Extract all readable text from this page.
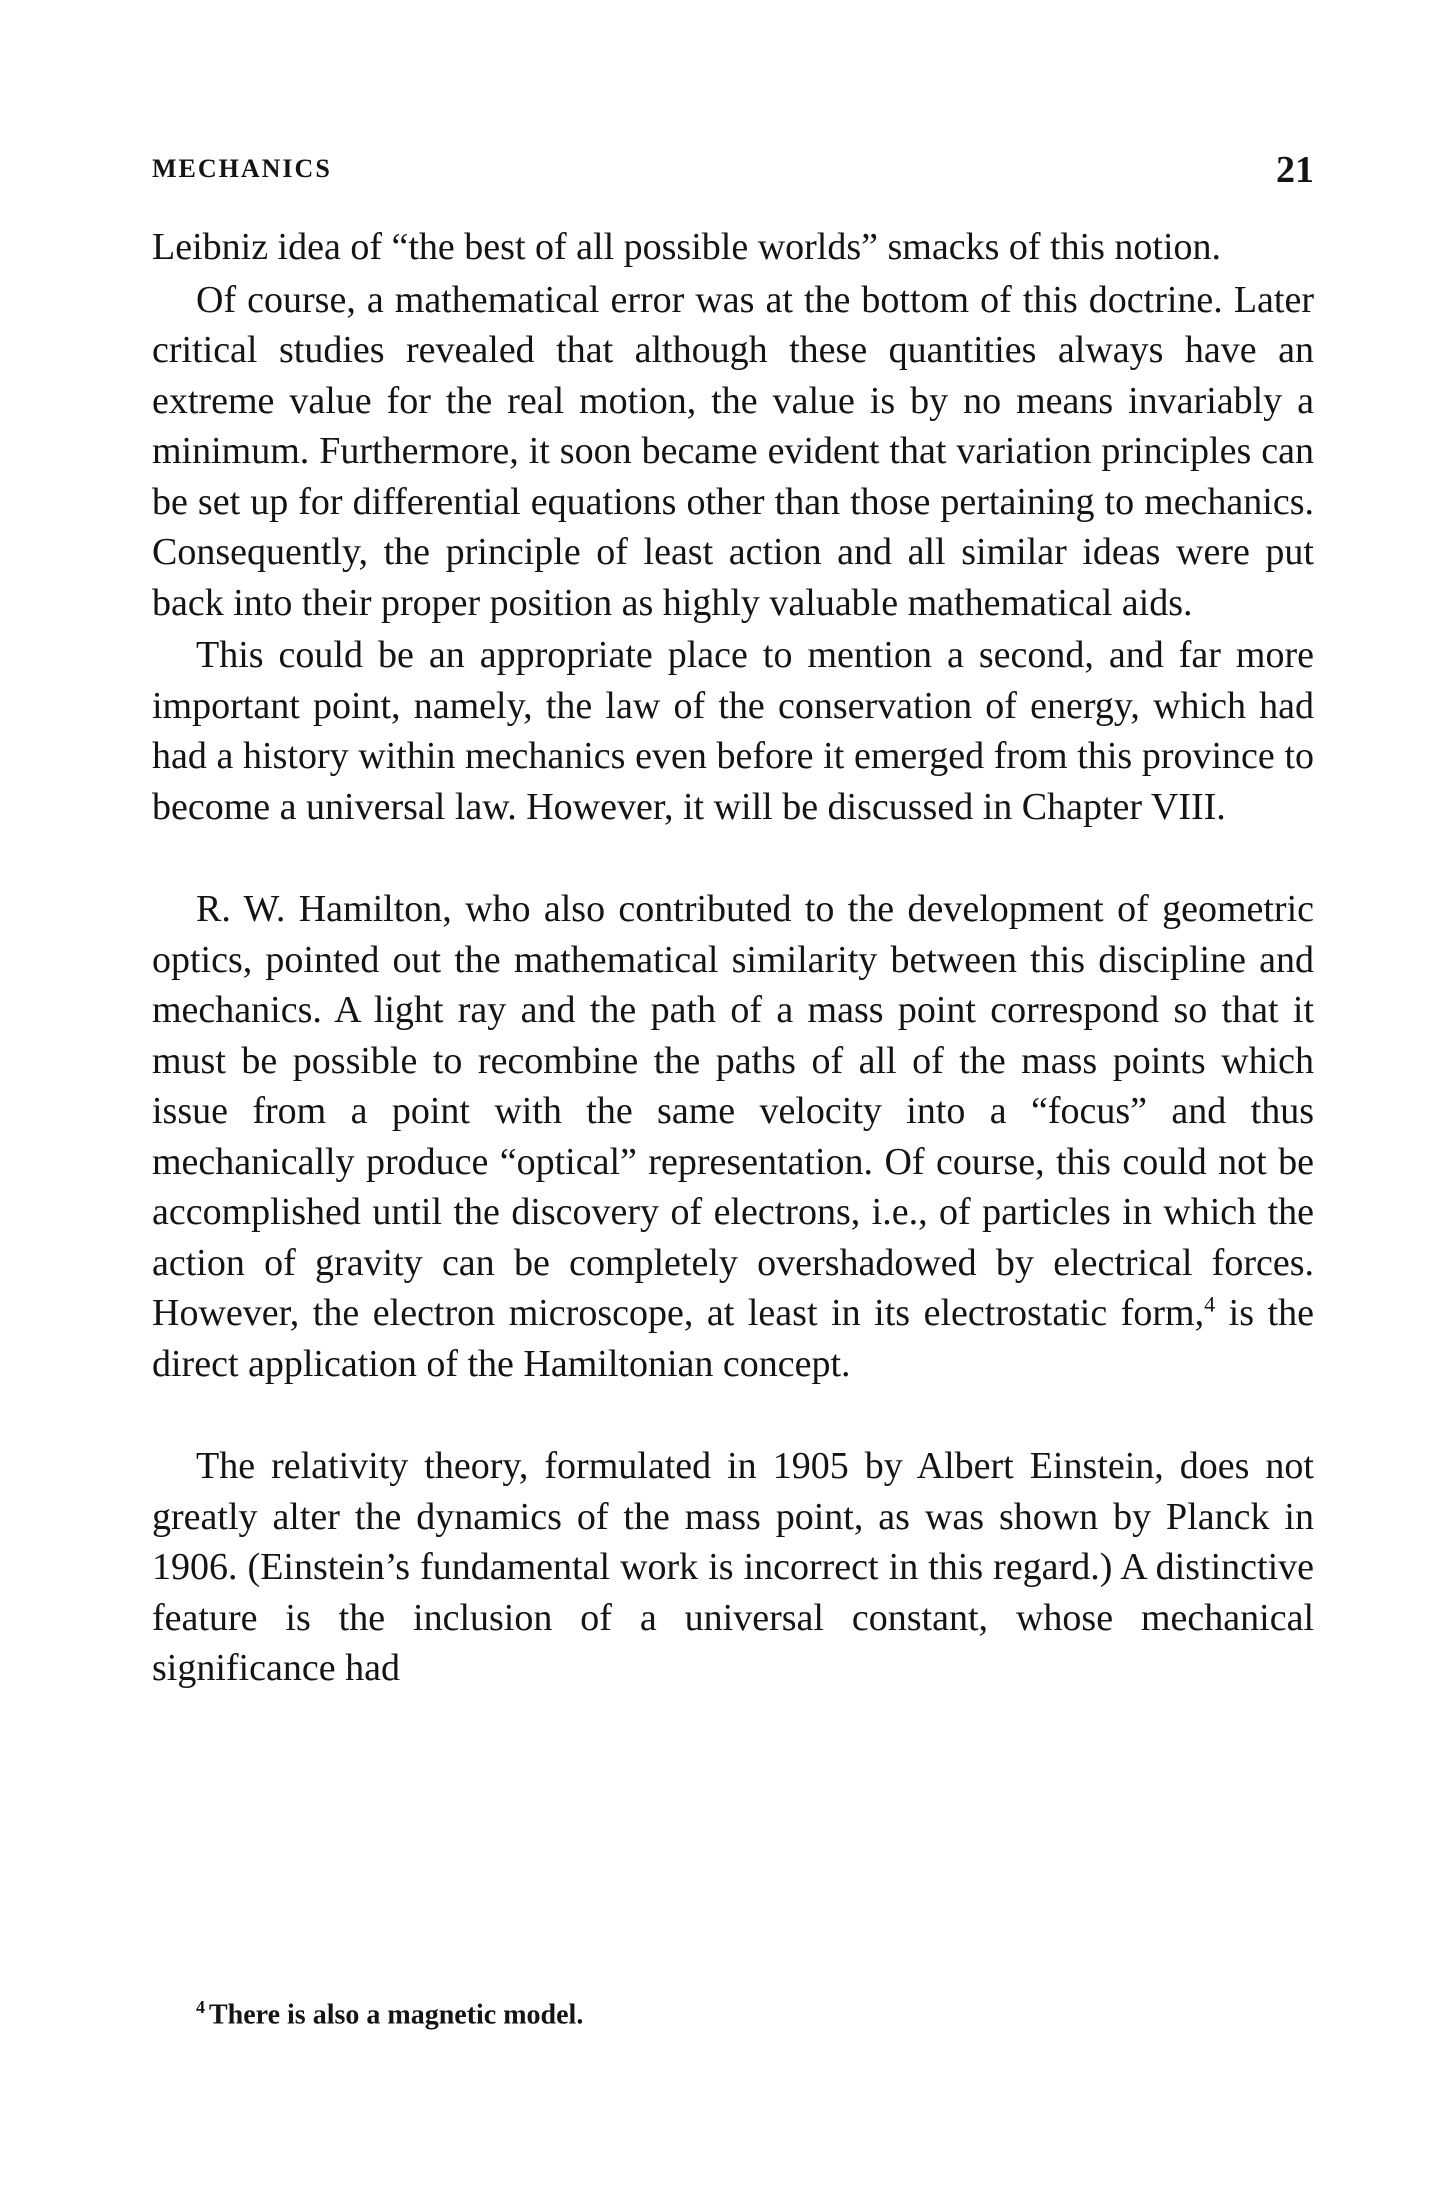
MECHANICS	21

Leibniz idea of “the best of all possible worlds” smacks of this notion.

Of course, a mathematical error was at the bottom of this doctrine. Later critical studies revealed that although these quantities always have an extreme value for the real motion, the value is by no means invariably a minimum. Furthermore, it soon became evident that variation principles can be set up for differential equations other than those pertaining to mechanics. Consequently, the principle of least action and all similar ideas were put back into their proper position as highly valuable mathematical aids.

This could be an appropriate place to mention a second, and far more important point, namely, the law of the conservation of energy, which had had a history within mechanics even before it emerged from this province to become a universal law. However, it will be discussed in Chapter VIII.

R. W. Hamilton, who also contributed to the development of geometric optics, pointed out the mathematical similarity between this discipline and mechanics. A light ray and the path of a mass point correspond so that it must be possible to recombine the paths of all of the mass points which issue from a point with the same velocity into a “focus” and thus mechanically produce “optical” representation. Of course, this could not be accomplished until the discovery of electrons, i.e., of particles in which the action of gravity can be completely overshadowed by electrical forces. However, the electron microscope, at least in its electrostatic form,$^4$ is the direct application of the Hamiltonian concept.

The relativity theory, formulated in 1905 by Albert Einstein, does not greatly alter the dynamics of the mass point, as was shown by Planck in 1906. (Einstein’s fundamental work is incorrect in this regard.) A distinctive feature is the inclusion of a universal constant, whose mechanical significance had

$^4$ There is also a magnetic model.
